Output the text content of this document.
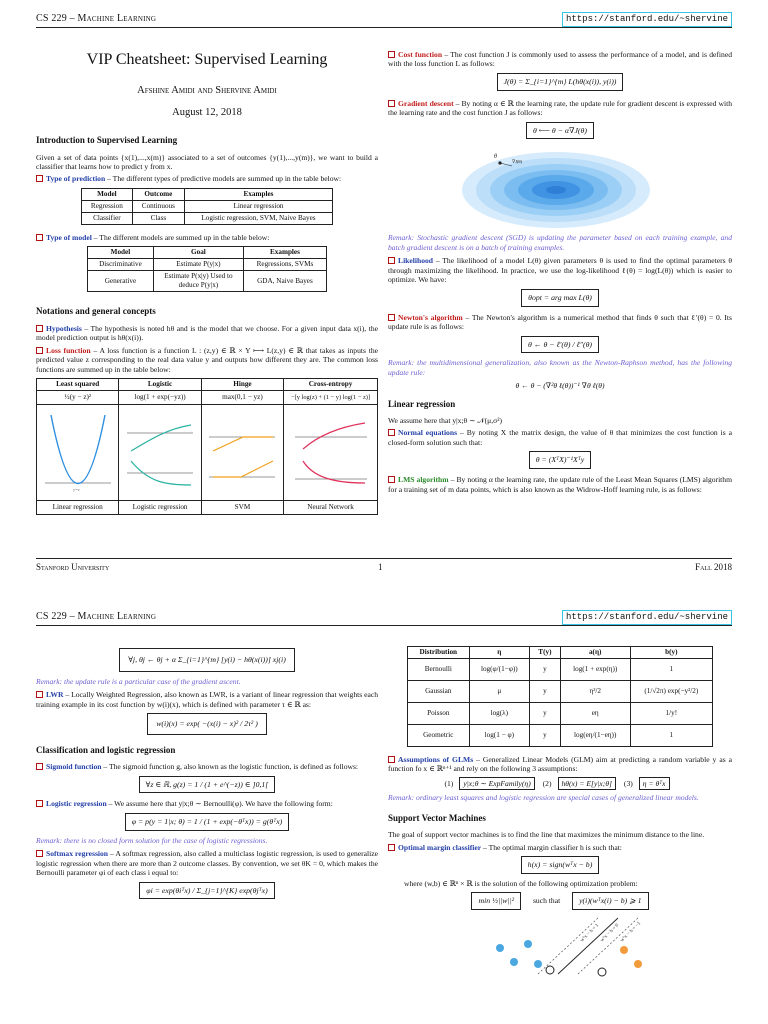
CS 229 – Machine Learning	https://stanford.edu/~shervine
VIP Cheatsheet: Supervised Learning
Afshine Amidi and Shervine Amidi
August 12, 2018
Introduction to Supervised Learning

Given a set of data points {x(1),...,x(m)} associated to a set of outcomes {y(1),...,y(m)}, we want to build a classifier that learns how to predict y from x.

Type of prediction – The different types of predictive models are summed up in the table below:

Model	Outcome	Examples
Regression	Continuous	Linear regression
Classifier	Class	Logistic regression, SVM, Naive Bayes

Type of model – The different models are summed up in the table below:

Model	Goal	Examples
Discriminative	Estimate P(y|x)	Regressions, SVMs
Generative	Estimate P(x|y) Used to deduce P(y|x)	GDA, Naive Bayes
Notations and general concepts

Hypothesis – The hypothesis is noted hθ and is the model that we choose. For a given input data x(i), the model prediction output is hθ(x(i)).

Loss function – A loss function is a function L : (z,y) ∈ ℝ × Y ⟼ L(z,y) ∈ ℝ that takes as inputs the predicted value z corresponding to the real data value y and outputs how different they are. The common loss functions are summed up in the table below:

Least squared	Logistic	Hinge	Cross-entropy
½(y − z)²	log(1 + exp(−yz))	max(0,1 − yz)	−[y log(z) + (1 − y) log(1 − z)]

y=z

Linear regression	Logistic regression	SVM	Neural Network

Cost function – The cost function J is commonly used to assess the performance of a model, and is defined with the loss function L as follows:

J(θ) = Σ_{i=1}^{m} L(hθ(x(i)), y(i))

Gradient descent – By noting α ∈ ℝ the learning rate, the update rule for gradient descent is expressed with the learning rate and the cost function J as follows:

θ ⟵ θ − α∇J(θ)
θ
∇J(θ)

Remark: Stochastic gradient descent (SGD) is updating the parameter based on each training example, and batch gradient descent is on a batch of training examples.

Likelihood – The likelihood of a model L(θ) given parameters θ is used to find the optimal parameters θ through maximizing the likelihood. In practice, we use the log-likelihood ℓ(θ) = log(L(θ)) which is easier to optimize. We have:

θopt = arg max L(θ)

Newton's algorithm – The Newton's algorithm is a numerical method that finds θ such that ℓ′(θ) = 0. Its update rule is as follows:

θ ← θ − ℓ′(θ) / ℓ″(θ)

Remark: the multidimensional generalization, also known as the Newton-Raphson method, has the following update rule:

θ ← θ − (∇²θ ℓ(θ))⁻¹ ∇θ ℓ(θ)
Linear regression

We assume here that y|x;θ ∼ 𝒩(μ,σ²)

Normal equations – By noting X the matrix design, the value of θ that minimizes the cost function is a closed-form solution such that:

θ = (XᵀX)⁻¹Xᵀy

LMS algorithm – By noting α the learning rate, the update rule of the Least Mean Squares (LMS) algorithm for a training set of m data points, which is also known as the Widrow-Hoff learning rule, is as follows:

Stanford University	1	Fall 2018
CS 229 – Machine Learning	https://stanford.edu/~shervine
∀j, θj ← θj + α Σ_{i=1}^{m} [y(i) − hθ(x(i))] xj(i)

Remark: the update rule is a particular case of the gradient ascent.

LWR – Locally Weighted Regression, also known as LWR, is a variant of linear regression that weights each training example in its cost function by w(i)(x), which is defined with parameter τ ∈ ℝ as:

w(i)(x) = exp( −(x(i) − x)² / 2τ² )
Classification and logistic regression

Sigmoid function – The sigmoid function g, also known as the logistic function, is defined as follows:

∀z ∈ ℝ, g(z) = 1 / (1 + e^(−z)) ∈ ]0,1[

Logistic regression – We assume here that y|x;θ ∼ Bernoulli(φ). We have the following form:

φ = p(y = 1|x; θ) = 1 / (1 + exp(−θᵀx)) = g(θᵀx)

Remark: there is no closed form solution for the case of logistic regressions.

Softmax regression – A softmax regression, also called a multiclass logistic regression, is used to generalize logistic regression when there are more than 2 outcome classes. By convention, we set θK = 0, which makes the Bernoulli parameter φi of each class i equal to:

φi = exp(θiᵀx) / Σ_{j=1}^{K} exp(θjᵀx)
Distribution	η	T(y)	a(η)	b(y)
Bernoulli	log(φ/(1−φ))	y	log(1 + exp(η))	1
Gaussian	μ	y	η²/2	(1/√2π) exp(−y²/2)
Poisson	log(λ)	y	eη	1/y!
Geometric	log(1 − φ)	y	log(eη/(1−eη))	1

Assumptions of GLMs – Generalized Linear Models (GLM) aim at predicting a random variable y as a function fo x ∈ ℝⁿ⁺¹ and rely on the following 3 assumptions:

(1) y|x;θ ∼ ExpFamily(η) (2) hθ(x) = E[y|x;θ] (3) η = θᵀx

Remark: ordinary least squares and logistic regression are special cases of generalized linear models.

Support Vector Machines

The goal of support vector machines is to find the line that maximizes the minimum distance to the line.

Optimal margin classifier – The optimal margin classifier h is such that:

h(x) = sign(wᵀx − b)

where (w,b) ∈ ℝⁿ × ℝ is the solution of the following optimization problem:

min ½||w||² such that y(i)(wᵀx(i) − b) ⩾ 1
wᵀx − b = 1 wᵀx − b = 0 wᵀx − b = −1
